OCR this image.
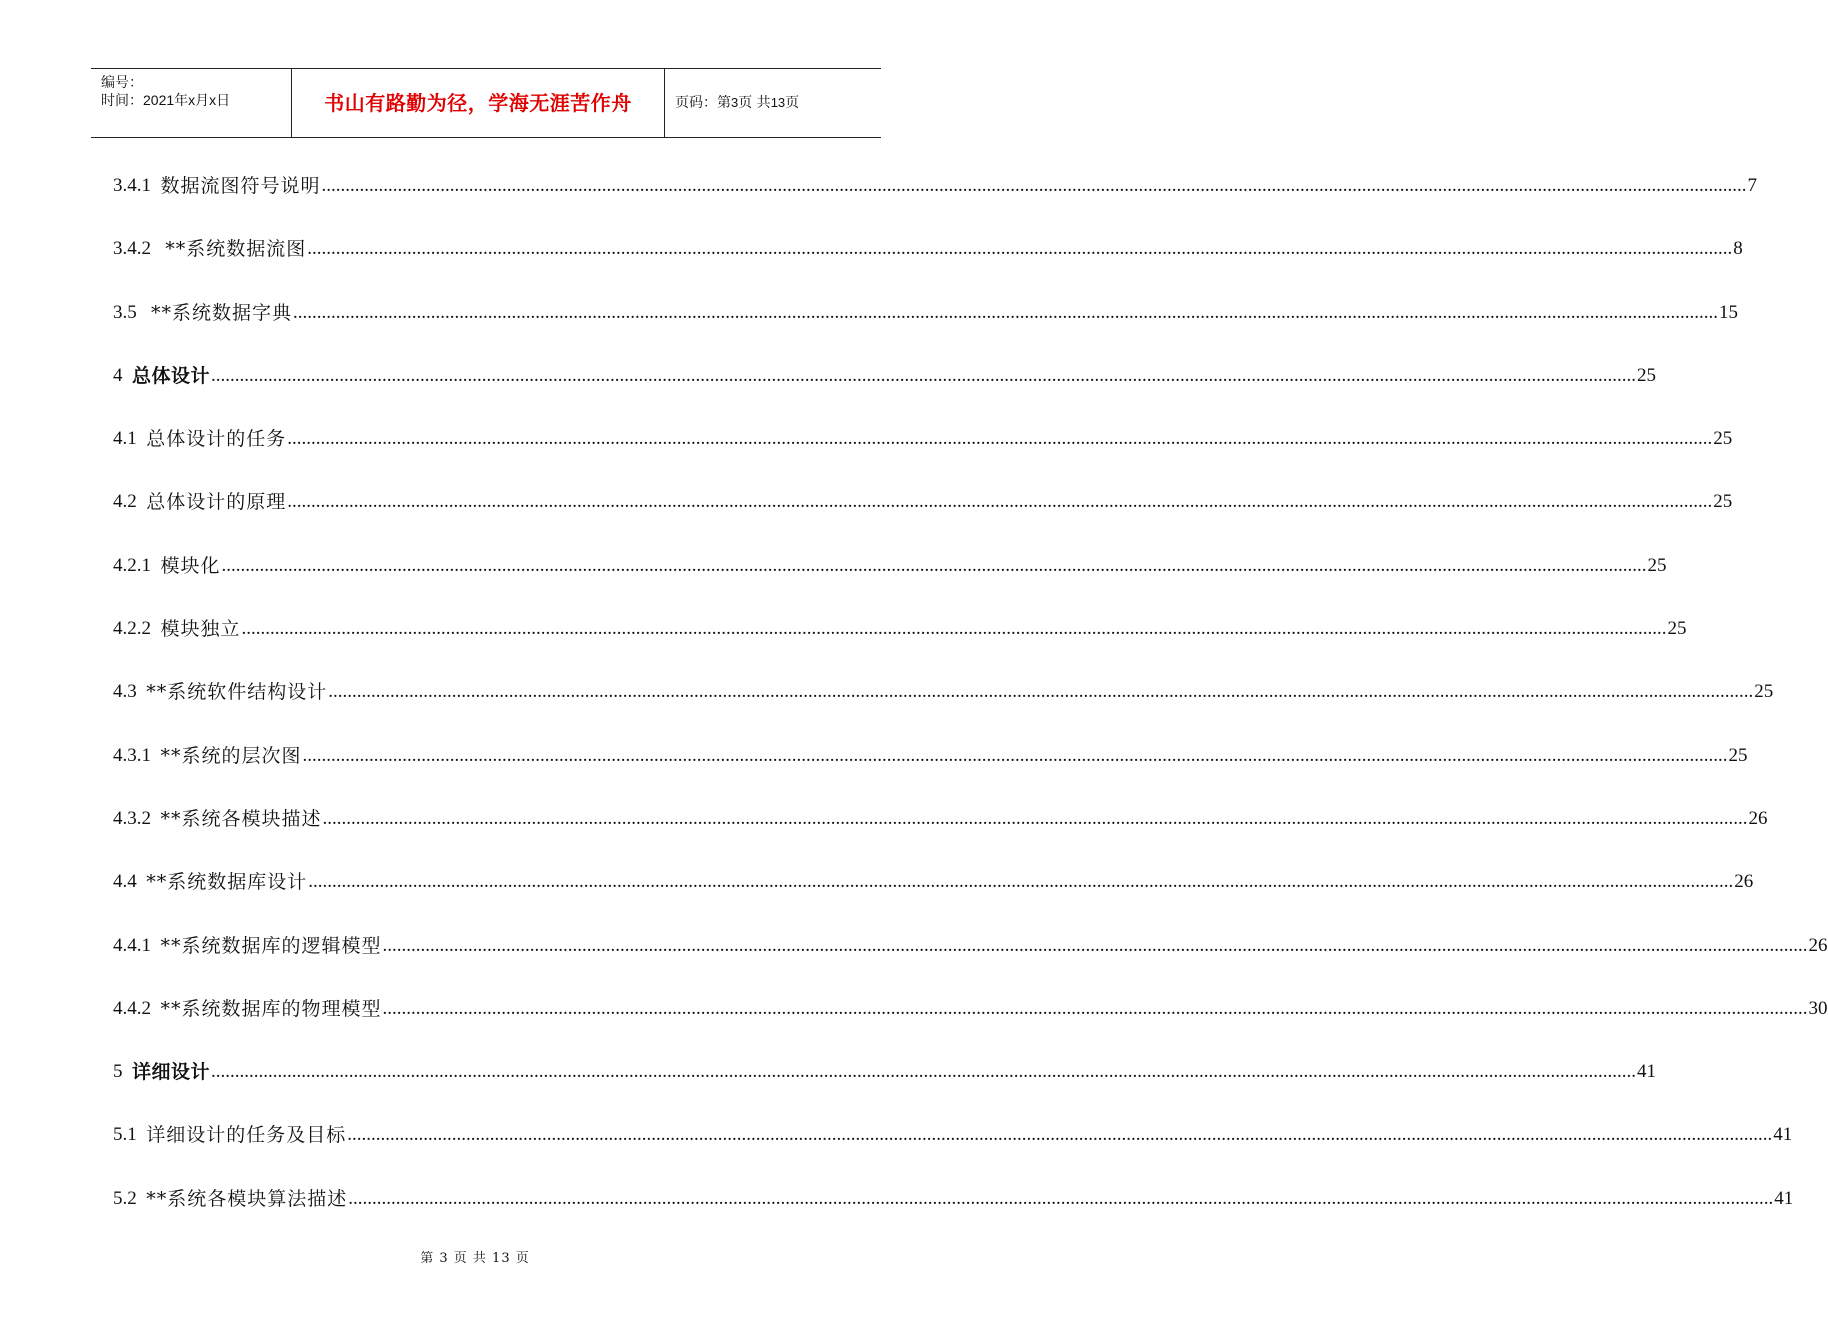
编号：
时间：2021年x月x日	书山有路勤为径，学海无涯苦作舟	页码：第3页 共13页
3.4.1 数据流图符号说明 ............................................................................................................................................................................................................................................................................................................ 7
3.4.2 **系统数据流图 ............................................................................................................................................................................................................................................................................................................ 8
3.5 **系统数据字典 ............................................................................................................................................................................................................................................................................................................ 15
4 总体设计 ............................................................................................................................................................................................................................................................................................................ 25
4.1 总体设计的任务 ............................................................................................................................................................................................................................................................................................................ 25
4.2 总体设计的原理 ............................................................................................................................................................................................................................................................................................................ 25
4.2.1 模块化 ............................................................................................................................................................................................................................................................................................................ 25
4.2.2 模块独立 ............................................................................................................................................................................................................................................................................................................ 25
4.3 **系统软件结构设计 ............................................................................................................................................................................................................................................................................................................ 25
4.3.1 **系统的层次图 ............................................................................................................................................................................................................................................................................................................ 25
4.3.2 **系统各模块描述 ............................................................................................................................................................................................................................................................................................................ 26
4.4 **系统数据库设计 ............................................................................................................................................................................................................................................................................................................ 26
4.4.1 **系统数据库的逻辑模型 ............................................................................................................................................................................................................................................................................................................ 26
4.4.2 **系统数据库的物理模型 ............................................................................................................................................................................................................................................................................................................ 30
5 详细设计 ............................................................................................................................................................................................................................................................................................................ 41
5.1 详细设计的任务及目标 ............................................................................................................................................................................................................................................................................................................ 41
5.2 **系统各模块算法描述 ............................................................................................................................................................................................................................................................................................................ 41
第 3 页 共 13 页
